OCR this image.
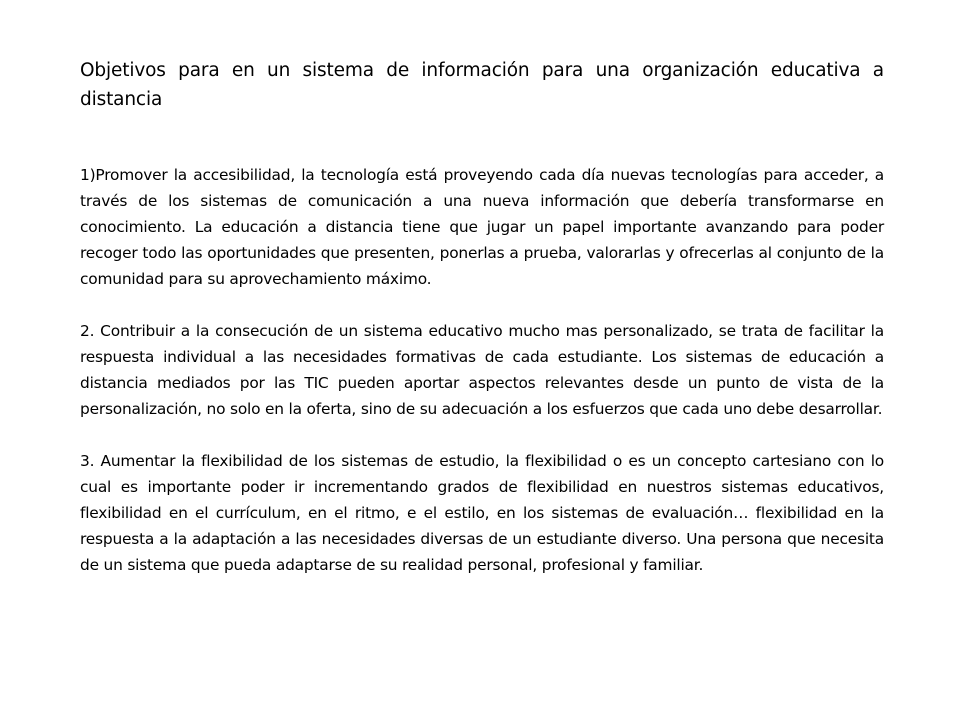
Objetivos para en un sistema de información para una organización educativa a distancia

1)Promover la accesibilidad, la tecnología está proveyendo cada día nuevas tecnologías para acceder, a través de los sistemas de comunicación a una nueva información que debería transformarse en conocimiento. La educación a distancia tiene que jugar un papel importante avanzando para poder recoger todo las oportunidades que presenten, ponerlas a prueba, valorarlas y ofrecerlas al conjunto de la comunidad para su aprovechamiento máximo.

2. Contribuir a la consecución de un sistema educativo mucho mas personalizado, se trata de facilitar la respuesta individual a las necesidades formativas de cada estudiante. Los sistemas de educación a distancia mediados por las TIC pueden aportar aspectos relevantes desde un punto de vista de la personalización, no solo en la oferta, sino de su adecuación a los esfuerzos que cada uno debe desarrollar.

3. Aumentar la flexibilidad de los sistemas de estudio, la flexibilidad o es un concepto cartesiano con lo cual es importante poder ir incrementando grados de flexibilidad en nuestros sistemas educativos, flexibilidad en el currículum, en el ritmo, e el estilo, en los sistemas de evaluación… flexibilidad en la respuesta a la adaptación a las necesidades diversas de un estudiante diverso. Una persona que necesita de un sistema que pueda adaptarse de su realidad personal, profesional y familiar.
